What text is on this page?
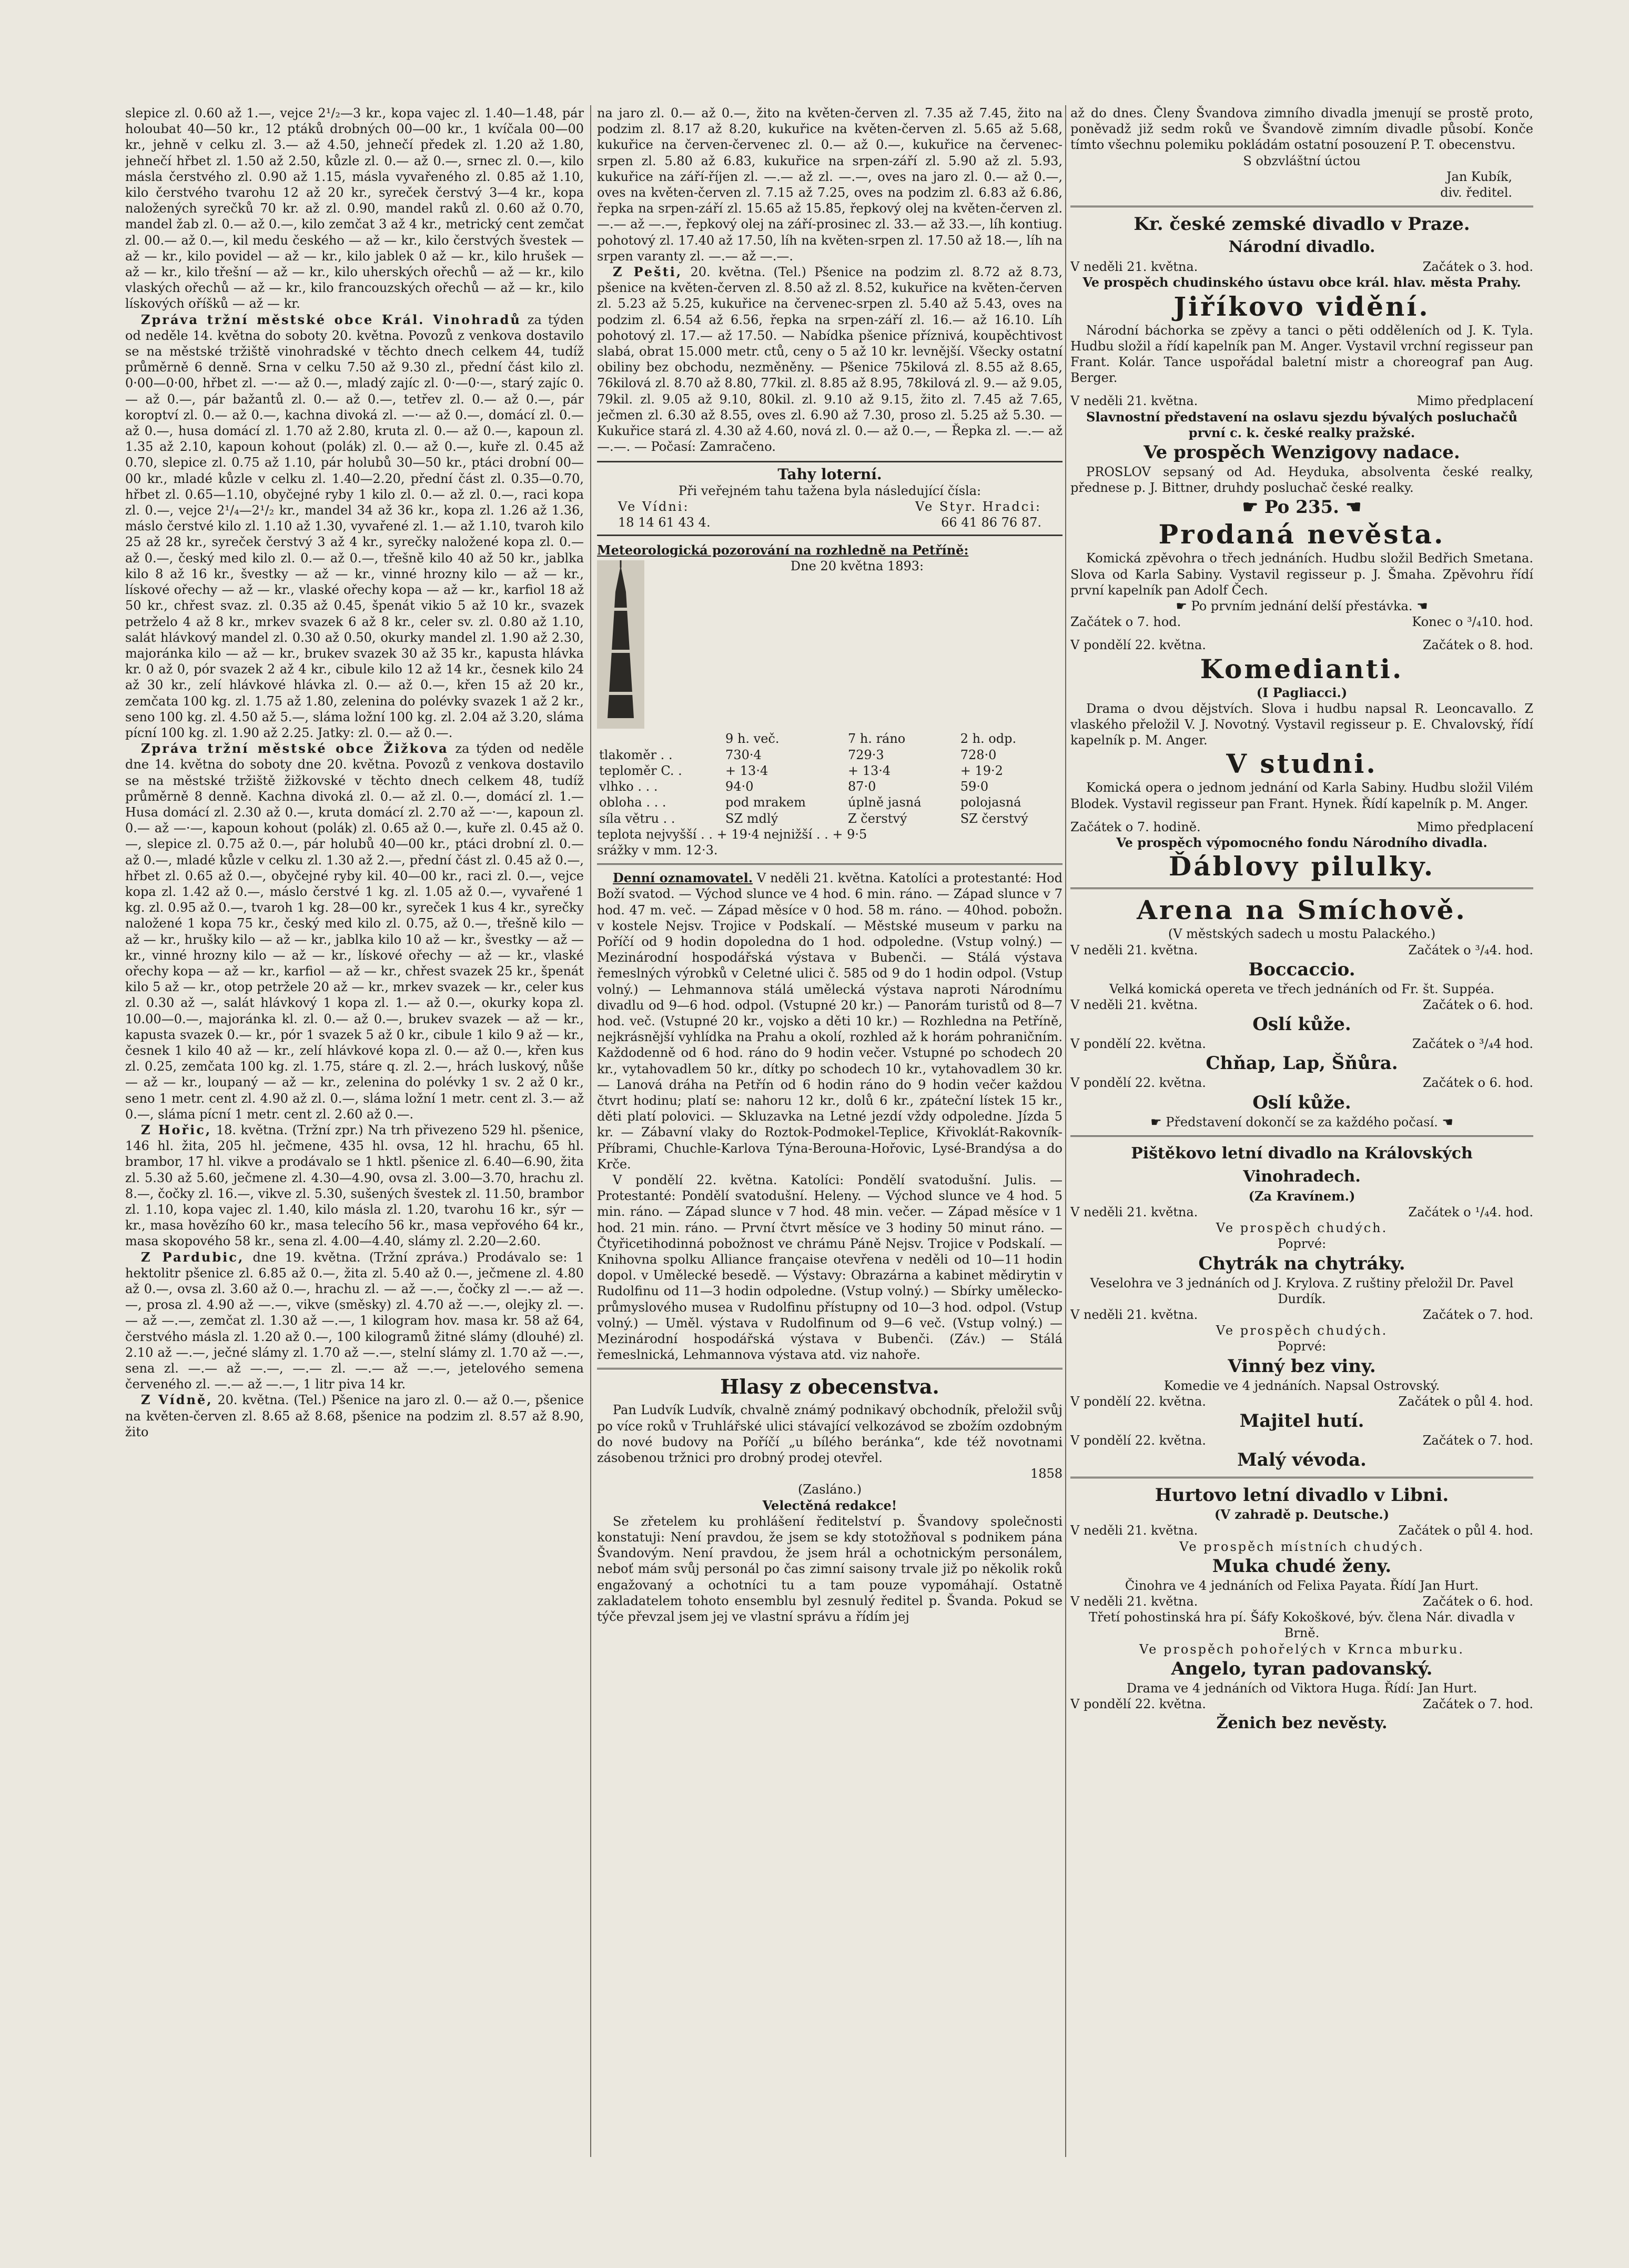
slepice zl. 0.60 až 1.—, vejce 2¹/₂—3 kr., kopa vajec zl. 1.40—1.48, pár holoubat 40—50 kr., 12 ptáků drobných 00—00 kr., 1 kvíčala 00—00 kr., jehně v celku zl. 3.— až 4.50, jehnečí předek zl. 1.20 až 1.80, jehnečí hřbet zl. 1.50 až 2.50, kůzle zl. 0.— až 0.—, srnec zl. 0.—, kilo másla čerstvého zl. 0.90 až 1.15, másla vyvařeného zl. 0.85 až 1.10, kilo čerstvého tvarohu 12 až 20 kr., syreček čerstvý 3—4 kr., kopa naložených syrečků 70 kr. až zl. 0.90, mandel raků zl. 0.60 až 0.70, mandel žab zl. 0.— až 0.—, kilo zemčat 3 až 4 kr., metrický cent zemčat zl. 00.— až 0.—, kil medu českého — až — kr., kilo čerstvých švestek — až — kr., kilo povidel — až — kr., kilo jablek 0 až — kr., kilo hrušek — až — kr., kilo třešní — až — kr., kilo uherských ořechů — až — kr., kilo vlaských ořechů — až — kr., kilo francouzských ořechů — až — kr., kilo lískových oříšků — až — kr.

Zpráva tržní městské obce Král. Vinohradů za týden od neděle 14. května do soboty 20. května. Povozů z venkova dostavilo se na městské tržiště vinohradské v těchto dnech celkem 44, tudíž průměrně 6 denně. Srna v celku 7.50 až 9.30 zl., přední část kilo zl. 0·00—0·00, hřbet zl. —·— až 0.—, mladý zajíc zl. 0·—0·—, starý zajíc 0.— až 0.—, pár bažantů zl. 0.— až 0.—, tetřev zl. 0.— až 0.—, pár koroptví zl. 0.— až 0.—, kachna divoká zl. —·— až 0.—, domácí zl. 0.— až 0.—, husa domácí zl. 1.70 až 2.80, kruta zl. 0.— až 0.—, kapoun zl. 1.35 až 2.10, kapoun kohout (polák) zl. 0.— až 0.—, kuře zl. 0.45 až 0.70, slepice zl. 0.75 až 1.10, pár holubů 30—50 kr., ptáci drobní 00—00 kr., mladé kůzle v celku zl. 1.40—2.20, přední část zl. 0.35—0.70, hřbet zl. 0.65—1.10, obyčejné ryby 1 kilo zl. 0.— až zl. 0.—, raci kopa zl. 0.—, vejce 2¹/₄—2¹/₂ kr., mandel 34 až 36 kr., kopa zl. 1.26 až 1.36, máslo čerstvé kilo zl. 1.10 až 1.30, vyvařené zl. 1.— až 1.10, tvaroh kilo 25 až 28 kr., syreček čerstvý 3 až 4 kr., syrečky naložené kopa zl. 0.— až 0.—, český med kilo zl. 0.— až 0.—, třešně kilo 40 až 50 kr., jablka kilo 8 až 16 kr., švestky — až — kr., vinné hrozny kilo — až — kr., lískové ořechy — až — kr., vlaské ořechy kopa — až — kr., karfiol 18 až 50 kr., chřest svaz. zl. 0.35 až 0.45, špenát vikio 5 až 10 kr., svazek petrželo 4 až 8 kr., mrkev svazek 6 až 8 kr., celer sv. zl. 0.80 až 1.10, salát hlávkový mandel zl. 0.30 až 0.50, okurky mandel zl. 1.90 až 2.30, majoránka kilo — až — kr., brukev svazek 30 až 35 kr., kapusta hlávka kr. 0 až 0, pór svazek 2 až 4 kr., cibule kilo 12 až 14 kr., česnek kilo 24 až 30 kr., zelí hlávkové hlávka zl. 0.— až 0.—, křen 15 až 20 kr., zemčata 100 kg. zl. 1.75 až 1.80, zelenina do polévky svazek 1 až 2 kr., seno 100 kg. zl. 4.50 až 5.—, sláma ložní 100 kg. zl. 2.04 až 3.20, sláma pícní 100 kg. zl. 1.90 až 2.25. Jatky: zl. 0.— až 0.—.

Zpráva tržní městské obce Žižkova za týden od neděle dne 14. května do soboty dne 20. května. Povozů z venkova dostavilo se na městské tržiště žižkovské v těchto dnech celkem 48, tudíž průměrně 8 denně. Kachna divoká zl. 0.— až zl. 0.—, domácí zl. 1.— Husa domácí zl. 2.30 až 0.—, kruta domácí zl. 2.70 až —·—, kapoun zl. 0.— až —·—, kapoun kohout (polák) zl. 0.65 až 0.—, kuře zl. 0.45 až 0.—, slepice zl. 0.75 až 0.—, pár holubů 40—00 kr., ptáci drobní zl. 0.— až 0.—, mladé kůzle v celku zl. 1.30 až 2.—, přední část zl. 0.45 až 0.—, hřbet zl. 0.65 až 0.—, obyčejné ryby kil. 40—00 kr., raci zl. 0.—, vejce kopa zl. 1.42 až 0.—, máslo čerstvé 1 kg. zl. 1.05 až 0.—, vyvařené 1 kg. zl. 0.95 až 0.—, tvaroh 1 kg. 28—00 kr., syreček 1 kus 4 kr., syrečky naložené 1 kopa 75 kr., český med kilo zl. 0.75, až 0.—, třešně kilo — až — kr., hrušky kilo — až — kr., jablka kilo 10 až — kr., švestky — až — kr., vinné hrozny kilo — až — kr., lískové ořechy — až — kr., vlaské ořechy kopa — až — kr., karfiol — až — kr., chřest svazek 25 kr., špenát kilo 5 až — kr., otop petržele 20 až — kr., mrkev svazek — kr., celer kus zl. 0.30 až —, salát hlávkový 1 kopa zl. 1.— až 0.—, okurky kopa zl. 10.00—0.—, majoránka kl. zl. 0.— až 0.—, brukev svazek — až — kr., kapusta svazek 0.— kr., pór 1 svazek 5 až 0 kr., cibule 1 kilo 9 až — kr., česnek 1 kilo 40 až — kr., zelí hlávkové kopa zl. 0.— až 0.—, křen kus zl. 0.25, zemčata 100 kg. zl. 1.75, stáre q. zl. 2.—, hrách luskový, nůše — až — kr., loupaný — až — kr., zelenina do polévky 1 sv. 2 až 0 kr., seno 1 metr. cent zl. 4.90 až zl. 0.—, sláma ložní 1 metr. cent zl. 3.— až 0.—, sláma pícní 1 metr. cent zl. 2.60 až 0.—.

Z Hořic, 18. května. (Tržní zpr.) Na trh přivezeno 529 hl. pšenice, 146 hl. žita, 205 hl. ječmene, 435 hl. ovsa, 12 hl. hrachu, 65 hl. brambor, 17 hl. vikve a prodávalo se 1 hktl. pšenice zl. 6.40—6.90, žita zl. 5.30 až 5.60, ječmene zl. 4.30—4.90, ovsa zl. 3.00—3.70, hrachu zl. 8.—, čočky zl. 16.—, vikve zl. 5.30, sušených švestek zl. 11.50, brambor zl. 1.10, kopa vajec zl. 1.40, kilo másla zl. 1.20, tvarohu 16 kr., sýr — kr., masa hovězího 60 kr., masa telecího 56 kr., masa vepřového 64 kr., masa skopového 58 kr., sena zl. 4.00—4.40, slámy zl. 2.20—2.60.

Z Pardubic, dne 19. května. (Tržní zpráva.) Prodávalo se: 1 hektolitr pšenice zl. 6.85 až 0.—, žita zl. 5.40 až 0.—, ječmene zl. 4.80 až 0.—, ovsa zl. 3.60 až 0.—, hrachu zl. — až —.—, čočky zl —.— až —.—, prosa zl. 4.90 až —.—, vikve (směsky) zl. 4.70 až —.—, olejky zl. —.— až —.—, zemčat zl. 1.30 až —.—, 1 kilogram hov. masa kr. 58 až 64, čerstvého másla zl. 1.20 až 0.—, 100 kilogramů žitné slámy (dlouhé) zl. 2.10 až —.—, ječné slámy zl. 1.70 až —.—, stelní slámy zl. 1.70 až —.—, sena zl. —.— až —.—, —.— zl. —.— až —.—, jetelového semena červeného zl. —.— až —.—, 1 litr piva 14 kr.

Z Vídně, 20. května. (Tel.) Pšenice na jaro zl. 0.— až 0.—, pšenice na květen-červen zl. 8.65 až 8.68, pšenice na podzim zl. 8.57 až 8.90, žito

na jaro zl. 0.— až 0.—, žito na květen-červen zl. 7.35 až 7.45, žito na podzim zl. 8.17 až 8.20, kukuřice na květen-červen zl. 5.65 až 5.68, kukuřice na červen-červenec zl. 0.— až 0.—, kukuřice na červenec-srpen zl. 5.80 až 6.83, kukuřice na srpen-září zl. 5.90 až zl. 5.93, kukuřice na září-říjen zl. —.— až zl. —.—, oves na jaro zl. 0.— až 0.—, oves na květen-červen zl. 7.15 až 7.25, oves na podzim zl. 6.83 až 6.86, řepka na srpen-září zl. 15.65 až 15.85, řepkový olej na květen-červen zl. —.— až —.—, řepkový olej na září-prosinec zl. 33.— až 33.—, líh kontiug. pohotový zl. 17.40 až 17.50, líh na květen-srpen zl. 17.50 až 18.—, líh na srpen varanty zl. —.— až —.—.

Z Pešti, 20. května. (Tel.) Pšenice na podzim zl. 8.72 až 8.73, pšenice na květen-červen zl. 8.50 až zl. 8.52, kukuřice na květen-červen zl. 5.23 až 5.25, kukuřice na červenec-srpen zl. 5.40 až 5.43, oves na podzim zl. 6.54 až 6.56, řepka na srpen-září zl. 16.— až 16.10. Líh pohotový zl. 17.— až 17.50. — Nabídka pšenice příznivá, koupěchtivost slabá, obrat 15.000 metr. ctů, ceny o 5 až 10 kr. levnější. Všecky ostatní obiliny bez obchodu, nezměněny. — Pšenice 75kilová zl. 8.55 až 8.65, 76kilová zl. 8.70 až 8.80, 77kil. zl. 8.85 až 8.95, 78kilová zl. 9.— až 9.05, 79kil. zl. 9.05 až 9.10, 80kil. zl. 9.10 až 9.15, žito zl. 7.45 až 7.65, ječmen zl. 6.30 až 8.55, oves zl. 6.90 až 7.30, proso zl. 5.25 až 5.30. — Kukuřice stará zl. 4.30 až 4.60, nová zl. 0.— až 0.—, — Řepka zl. —.— až —.—. — Počasí: Zamračeno.

Tahy loterní.
Při veřejném tahu tažena byla následující čísla:
Ve Vídni:	Ve Styr. Hradci:
18 14 61 43 4.	66 41 86 76 87.
Meteorologická pozorování na rozhledně na Petříně:
Dne 20 května 1893:
	9 h. več.	7 h. ráno	2 h. odp.
tlakoměr . .	730·4	729·3	728·0
teploměr C. .	+ 13·4	+ 13·4	+ 19·2
vlhko . . .	94·0	87·0	59·0
obloha . . .	pod mrakem	úplně jasná	polojasná
síla větru . .	SZ mdlý	Z čerstvý	SZ čerstvý
teplota nejvyšší . . + 19·4 nejnižší . . + 9·5
srážky v mm. 12·3.

Denní oznamovatel. V neděli 21. května. Katolíci a protestanté: Hod Boží svatod. — Východ slunce ve 4 hod. 6 min. ráno. — Západ slunce v 7 hod. 47 m. več. — Západ měsíce v 0 hod. 58 m. ráno. — 40hod. pobožn. v kostele Nejsv. Trojice v Podskalí. — Městské museum v parku na Poříčí od 9 hodin dopoledna do 1 hod. odpoledne. (Vstup volný.) — Mezinárodní hospodářská výstava v Bubenči. — Stálá výstava řemeslných výrobků v Celetné ulici č. 585 od 9 do 1 hodin odpol. (Vstup volný.) — Lehmannova stálá umělecká výstava naproti Národnímu divadlu od 9—6 hod. odpol. (Vstupné 20 kr.) — Panorám turistů od 8—7 hod. več. (Vstupné 20 kr., vojsko a děti 10 kr.) — Rozhledna na Petříně, nejkrásnější vyhlídka na Prahu a okolí, rozhled až k horám pohraničním. Každodenně od 6 hod. ráno do 9 hodin večer. Vstupné po schodech 20 kr., vytahovadlem 50 kr., dítky po schodech 10 kr., vytahovadlem 30 kr. — Lanová dráha na Petřín od 6 hodin ráno do 9 hodin večer každou čtvrt hodinu; platí se: nahoru 12 kr., dolů 6 kr., zpáteční lístek 15 kr., děti platí polovici. — Skluzavka na Letné jezdí vždy odpoledne. Jízda 5 kr. — Zábavní vlaky do Roztok-Podmokel-Teplice, Křivoklát-Rakovník-Příbrami, Chuchle-Karlova Týna-Berouna-Hořovic, Lysé-Brandýsa a do Krče.

V pondělí 22. května. Katolíci: Pondělí svatodušní. Julis. — Protestanté: Pondělí svatodušní. Heleny. — Východ slunce ve 4 hod. 5 min. ráno. — Západ slunce v 7 hod. 48 min. večer. — Západ měsíce v 1 hod. 21 min. ráno. — První čtvrt měsíce ve 3 hodiny 50 minut ráno. — Čtyřicetihodinná pobožnost ve chrámu Páně Nejsv. Trojice v Podskalí. — Knihovna spolku Alliance française otevřena v neděli od 10—11 hodin dopol. v Umělecké besedě. — Výstavy: Obrazárna a kabinet mědirytin v Rudolfinu od 11—3 hodin odpoledne. (Vstup volný.) — Sbírky umělecko-průmyslového musea v Rudolfinu přístupny od 10—3 hod. odpol. (Vstup volný.) — Uměl. výstava v Rudolfinum od 9—6 več. (Vstup volný.) — Mezinárodní hospodářská výstava v Bubenči. (Záv.) — Stálá řemeslnická, Lehmannova výstava atd. viz nahoře.

Hlasy z obecenstva.

Pan Ludvík Ludvík, chvalně známý podnikavý obchodník, přeložil svůj po více roků v Truhlářské ulici stávající velkozávod se zbožím ozdobným do nové budovy na Poříčí „u bílého beránka“, kde též novotnami zásobenou tržnici pro drobný prodej otevřel.

1858
(Zasláno.)
Velectěná redakce!

Se zřetelem ku prohlášení ředitelství p. Švandovy společnosti konstatuji: Není pravdou, že jsem se kdy stotožňoval s podnikem pána Švandovým. Není pravdou, že jsem hrál a ochotnickým personálem, neboť mám svůj personál po čas zimní saisony trvale již po několik roků engažovaný a ochotníci tu a tam pouze vypomáhají. Ostatně zakladatelem tohoto ensemblu byl zesnulý ředitel p. Švanda. Pokud se týče převzal jsem jej ve vlastní správu a řídím jej

až do dnes. Členy Švandova zimního divadla jmenují se prostě proto, poněvadž již sedm roků ve Švandově zimním divadle působí. Konče tímto všechnu polemiku pokládám ostatní posouzení P. T. obecenstvu.

S obzvláštní úctou
Jan Kubík,
div. ředitel.
Kr. české zemské divadlo v Praze.
Národní divadlo.
V neděli 21. května.	Začátek o 3. hod.
Ve prospěch chudinského ústavu obce král. hlav. města Prahy.
Jiříkovo vidění.

Národní báchorka se zpěvy a tanci o pěti odděleních od J. K. Tyla. Hudbu složil a řídí kapelník pan M. Anger. Vystavil vrchní regisseur pan Frant. Kolár. Tance uspořádal baletní mistr a choreograf pan Aug. Berger.

V neděli 21. května.	Mimo předplacení
Slavnostní představení na oslavu sjezdu bývalých posluchačů první c. k. české realky pražské.
Ve prospěch Wenzigovy nadace.

PROSLOV sepsaný od Ad. Heyduka, absolventa české realky, přednese p. J. Bittner, druhdy posluchač české realky.

☛ Po 235. ☚
Prodaná nevěsta.

Komická zpěvohra o třech jednáních. Hudbu složil Bedřich Smetana. Slova od Karla Sabiny. Vystavil regisseur p. J. Šmaha. Zpěvohru řídí první kapelník pan Adolf Čech.

☛ Po prvním jednání delší přestávka. ☚
Začátek o 7. hod.	Konec o ³/₄10. hod.
V pondělí 22. května.	Začátek o 8. hod.
Komedianti.
(I Pagliacci.)

Drama o dvou dějstvích. Slova i hudbu napsal R. Leoncavallo. Z vlaského přeložil V. J. Novotný. Vystavil regisseur p. E. Chvalovský, řídí kapelník p. M. Anger.

V studni.

Komická opera o jednom jednání od Karla Sabiny. Hudbu složil Vilém Blodek. Vystavil regisseur pan Frant. Hynek. Řídí kapelník p. M. Anger.

Začátek o 7. hodině.	Mimo předplacení
Ve prospěch výpomocného fondu Národního divadla.
Ďáblovy pilulky.
Arena na Smíchově.
(V městských sadech u mostu Palackého.)
V neděli 21. května.	Začátek o ³/₄4. hod.
Boccaccio.
Velká komická opereta ve třech jednáních od Fr. št. Suppéa.
V neděli 21. května.	Začátek o 6. hod.
Oslí kůže.
V pondělí 22. května.	Začátek o ³/₄4 hod.
Chňap, Lap, Šňůra.
V pondělí 22. května.	Začátek o 6. hod.
Oslí kůže.
☛ Představení dokončí se za každého počasí. ☚
Pištěkovo letní divadlo na Královských Vinohradech.
(Za Kravínem.)
V neděli 21. května.	Začátek o ¹/₄4. hod.
Ve prospěch chudých.
Poprvé:
Chytrák na chytráky.
Veselohra ve 3 jednáních od J. Krylova. Z ruštiny přeložil Dr. Pavel Durdík.
V neděli 21. května.	Začátek o 7. hod.
Ve prospěch chudých.
Poprvé:
Vinný bez viny.
Komedie ve 4 jednáních. Napsal Ostrovský.
V pondělí 22. května.	Začátek o půl 4. hod.
Majitel hutí.
V pondělí 22. května.	Začátek o 7. hod.
Malý vévoda.
Hurtovo letní divadlo v Libni.
(V zahradě p. Deutsche.)
V neděli 21. května.	Začátek o půl 4. hod.
Ve prospěch místních chudých.
Muka chudé ženy.
Činohra ve 4 jednáních od Felixa Payata. Řídí Jan Hurt.
V neděli 21. května.	Začátek o 6. hod.
Třetí pohostinská hra pí. Šáfy Kokoškové, býv. člena Nár. divadla v Brně.
Ve prospěch pohořelých v Krnca mburku.
Angelo, tyran padovanský.
Drama ve 4 jednáních od Viktora Huga. Řídí: Jan Hurt.
V pondělí 22. května.	Začátek o 7. hod.
Ženich bez nevěsty.
